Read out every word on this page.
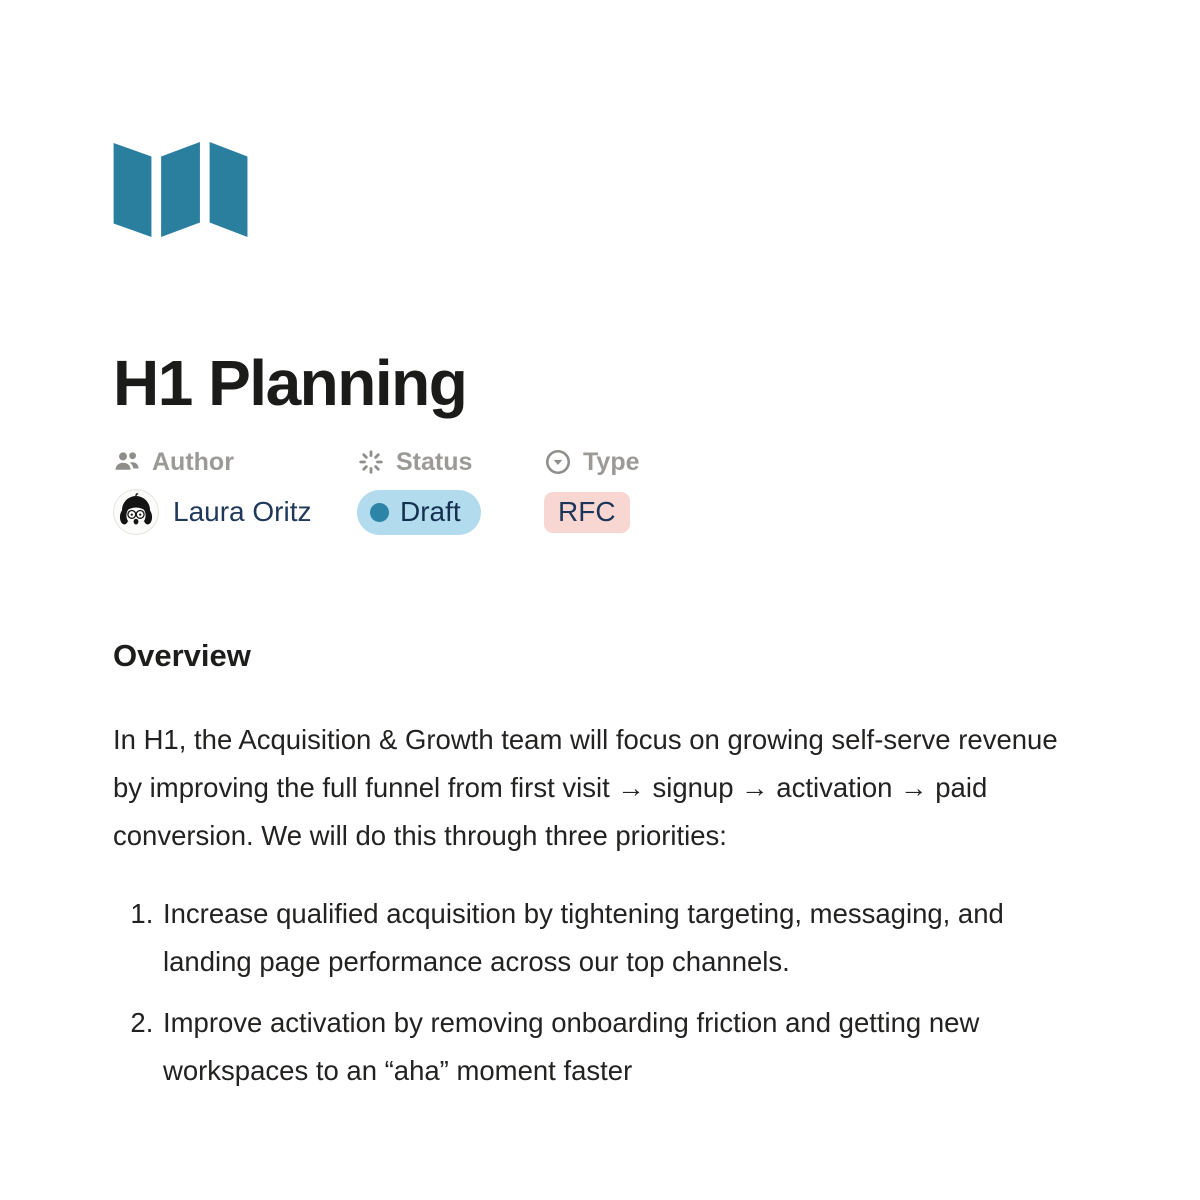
H1 Planning
Author
Laura Oritz
Status
Draft
Type
RFC
Overview

In H1, the Acquisition & Growth team will focus on growing self-serve revenue by improving the full funnel from first visit → signup → activation → paid conversion. We will do this through three priorities:

1. Increase qualified acquisition by tightening targeting, messaging, and landing page performance across our top channels.
2. Improve activation by removing onboarding friction and getting new workspaces to an “aha” moment faster
